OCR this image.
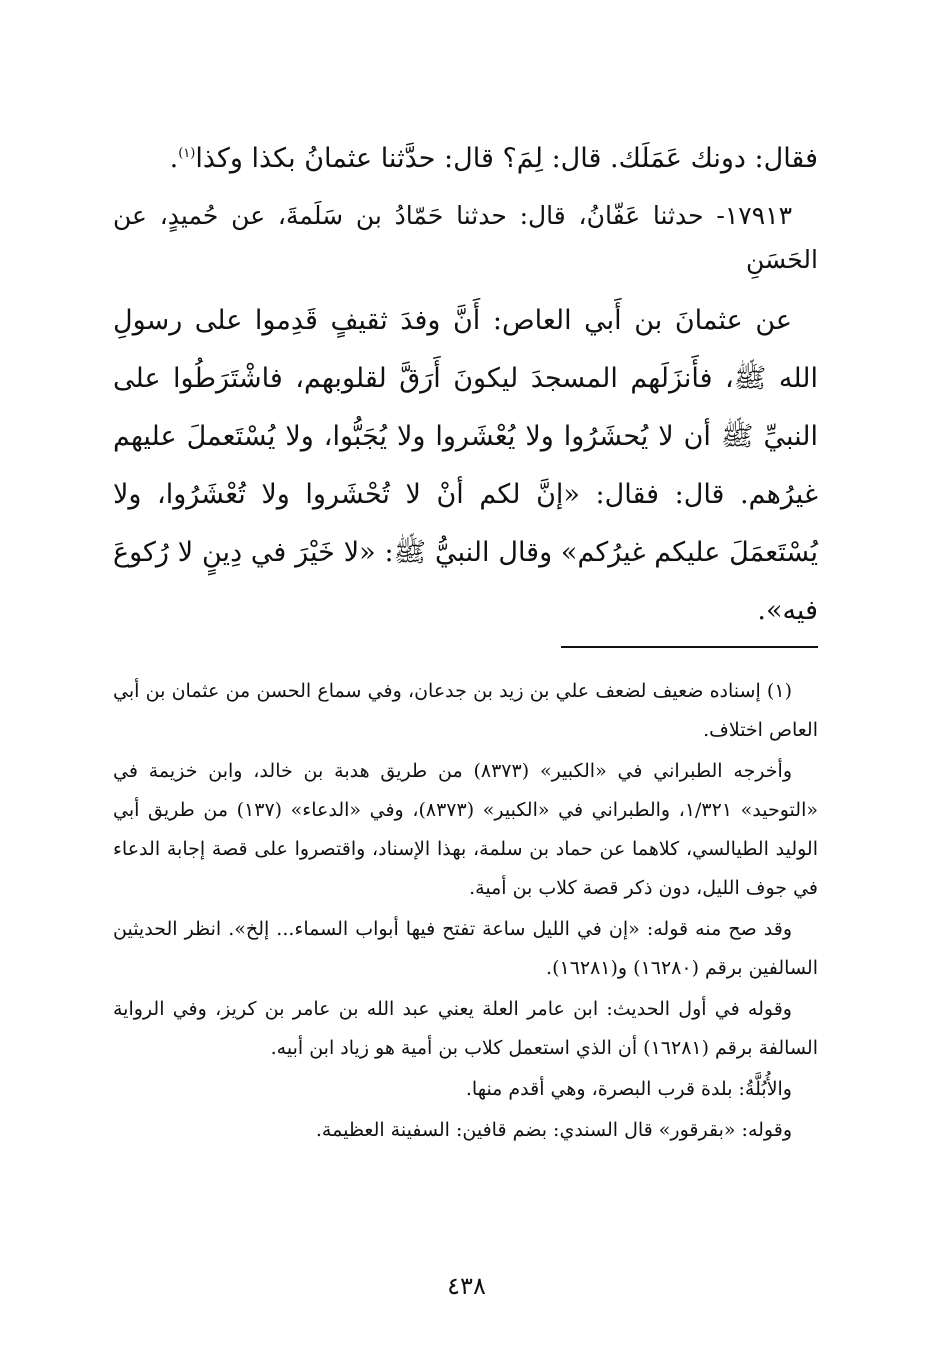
فقال: دونك عَمَلَك. قال: لِمَ؟ قال: حدَّثنا عثمانُ بكذا وكذا$^{(١)}$.

١٧٩١٣- حدثنا عَفّانُ، قال: حدثنا حَمّادُ بن سَلَمةَ، عن حُميدٍ، عن الحَسَنِ

عن عثمانَ بن أَبي العاص: أَنَّ وفدَ ثقيفٍ قَدِموا على رسولِ الله ﷺ، فأَنزَلَهم المسجدَ ليكونَ أَرَقَّ لقلوبهم، فاشْتَرَطُوا على النبيِّ ﷺ أن لا يُحشَرُوا ولا يُعْشَروا ولا يُجَبُّوا، ولا يُسْتَعملَ عليهم غيرُهم. قال: فقال: «إنَّ لكم أنْ لا تُحْشَروا ولا تُعْشَرُوا، ولا يُسْتَعمَلَ عليكم غيرُكم» وقال النبيُّ ﷺ: «لا خَيْرَ في دِينٍ لا رُكوعَ فيه».

(١) إسناده ضعيف لضعف علي بن زيد بن جدعان، وفي سماع الحسن من عثمان بن أبي العاص اختلاف.

وأخرجه الطبراني في «الكبير» (٨٣٧٣) من طريق هدبة بن خالد، وابن خزيمة في «التوحيد» ١/٣٢١، والطبراني في «الكبير» (٨٣٧٣)، وفي «الدعاء» (١٣٧) من طريق أبي الوليد الطيالسي، كلاهما عن حماد بن سلمة، بهذا الإسناد، واقتصروا على قصة إجابة الدعاء في جوف الليل، دون ذكر قصة كلاب بن أمية.

وقد صح منه قوله: «إن في الليل ساعة تفتح فيها أبواب السماء... إلخ». انظر الحديثين السالفين برقم (١٦٢٨٠) و(١٦٢٨١).

وقوله في أول الحديث: ابن عامر العلة يعني عبد الله بن عامر بن كريز، وفي الرواية السالفة برقم (١٦٢٨١) أن الذي استعمل كلاب بن أمية هو زياد ابن أبيه.

والأُبُلَّةُ: بلدة قرب البصرة، وهي أقدم منها.

وقوله: «بقرقور» قال السندي: بضم قافين: السفينة العظيمة.

٤٣٨
